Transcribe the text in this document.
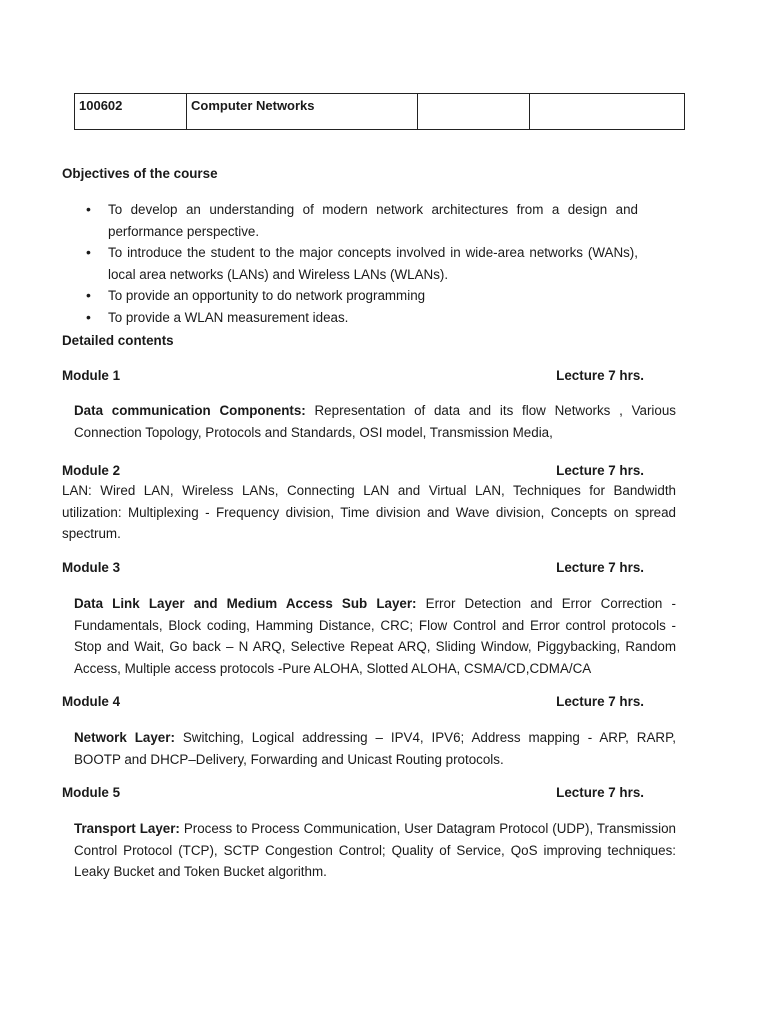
100602	Computer Networks		
Objectives of the course
• To develop an understanding of modern network architectures from a design and performance perspective.
• To introduce the student to the major concepts involved in wide-area networks (WANs), local area networks (LANs) and Wireless LANs (WLANs).
• To provide an opportunity to do network programming
• To provide a WLAN measurement ideas.
Detailed contents
Module 1	Lecture 7 hrs.
Data communication Components: Representation of data and its flow Networks , Various Connection Topology, Protocols and Standards, OSI model, Transmission Media,
Module 2	Lecture 7 hrs.
LAN: Wired LAN, Wireless LANs, Connecting LAN and Virtual LAN, Techniques for Bandwidth utilization: Multiplexing - Frequency division, Time division and Wave division, Concepts on spread spectrum.
Module 3	Lecture 7 hrs.
Data Link Layer and Medium Access Sub Layer: Error Detection and Error Correction - Fundamentals, Block coding, Hamming Distance, CRC; Flow Control and Error control protocols - Stop and Wait, Go back – N ARQ, Selective Repeat ARQ, Sliding Window, Piggybacking, Random Access, Multiple access protocols -Pure ALOHA, Slotted ALOHA, CSMA/CD,CDMA/CA
Module 4	Lecture 7 hrs.
Network Layer: Switching, Logical addressing – IPV4, IPV6; Address mapping - ARP, RARP, BOOTP and DHCP–Delivery, Forwarding and Unicast Routing protocols.
Module 5	Lecture 7 hrs.
Transport Layer: Process to Process Communication, User Datagram Protocol (UDP), Transmission Control Protocol (TCP), SCTP Congestion Control; Quality of Service, QoS improving techniques: Leaky Bucket and Token Bucket algorithm.
